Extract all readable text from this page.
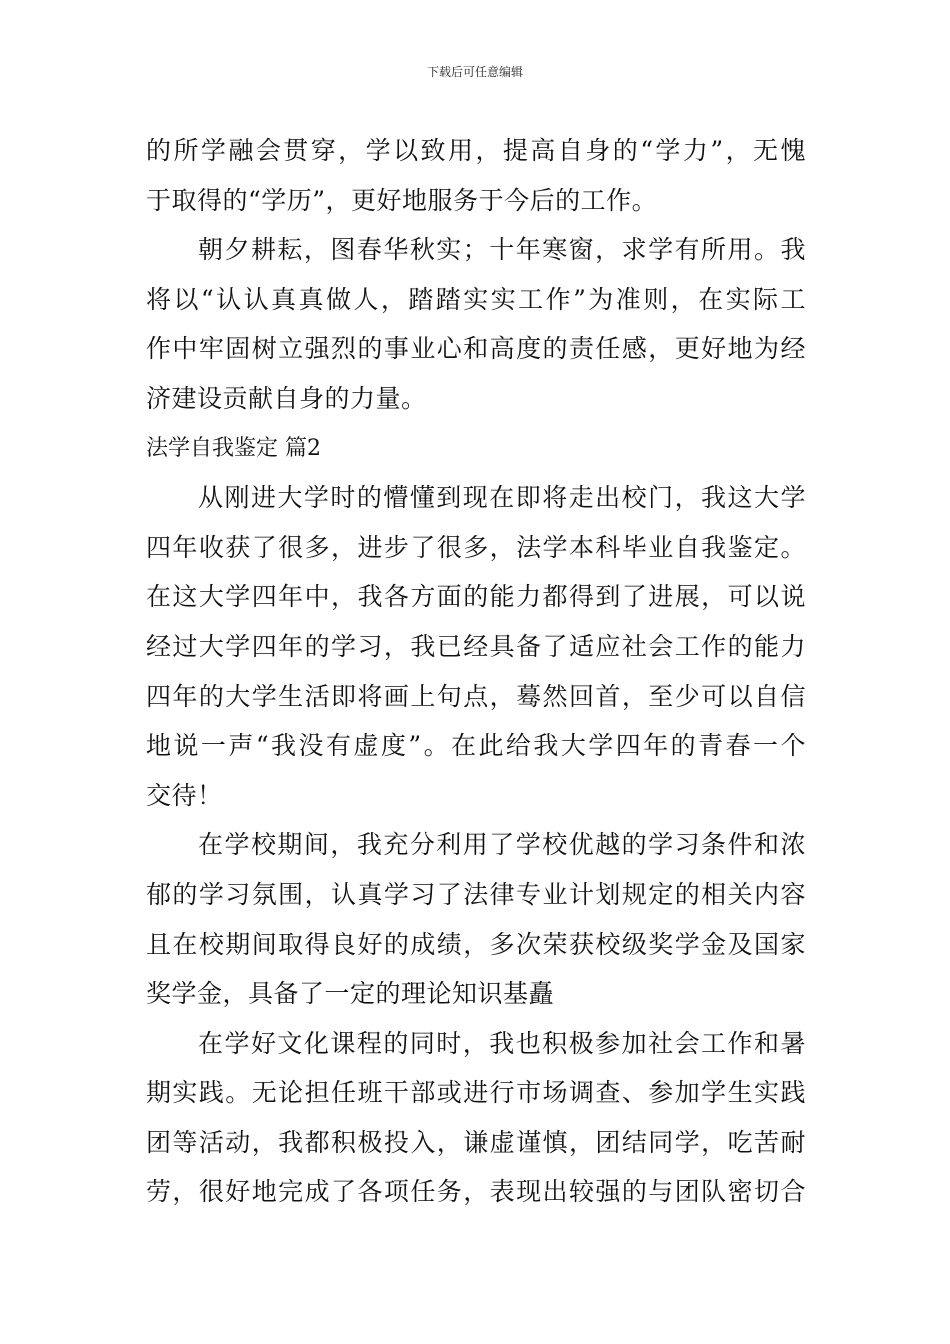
下载后可任意编辑
的所学融会贯穿，学以致用，提高自身的“学力”，无愧
于取得的“学历”，更好地服务于今后的工作。
朝夕耕耘，图春华秋实；十年寒窗，求学有所用。我
将以“认认真真做人，踏踏实实工作”为准则，在实际工
作中牢固树立强烈的事业心和高度的责任感，更好地为经
济建设贡献自身的力量。
法学自我鉴定 篇2
从刚进大学时的懵懂到现在即将走出校门，我这大学
四年收获了很多，进步了很多，法学本科毕业自我鉴定。
在这大学四年中，我各方面的能力都得到了进展，可以说
经过大学四年的学习，我已经具备了适应社会工作的能力
四年的大学生活即将画上句点，蓦然回首，至少可以自信
地说一声“我没有虚度”。在此给我大学四年的青春一个
交待！
在学校期间，我充分利用了学校优越的学习条件和浓
郁的学习氛围，认真学习了法律专业计划规定的相关内容
且在校期间取得良好的成绩，多次荣获校级奖学金及国家
奖学金，具备了一定的理论知识基矗
在学好文化课程的同时，我也积极参加社会工作和暑
期实践。无论担任班干部或进行市场调查、参加学生实践
团等活动，我都积极投入，谦虚谨慎，团结同学，吃苦耐
劳，很好地完成了各项任务，表现出较强的与团队密切合
